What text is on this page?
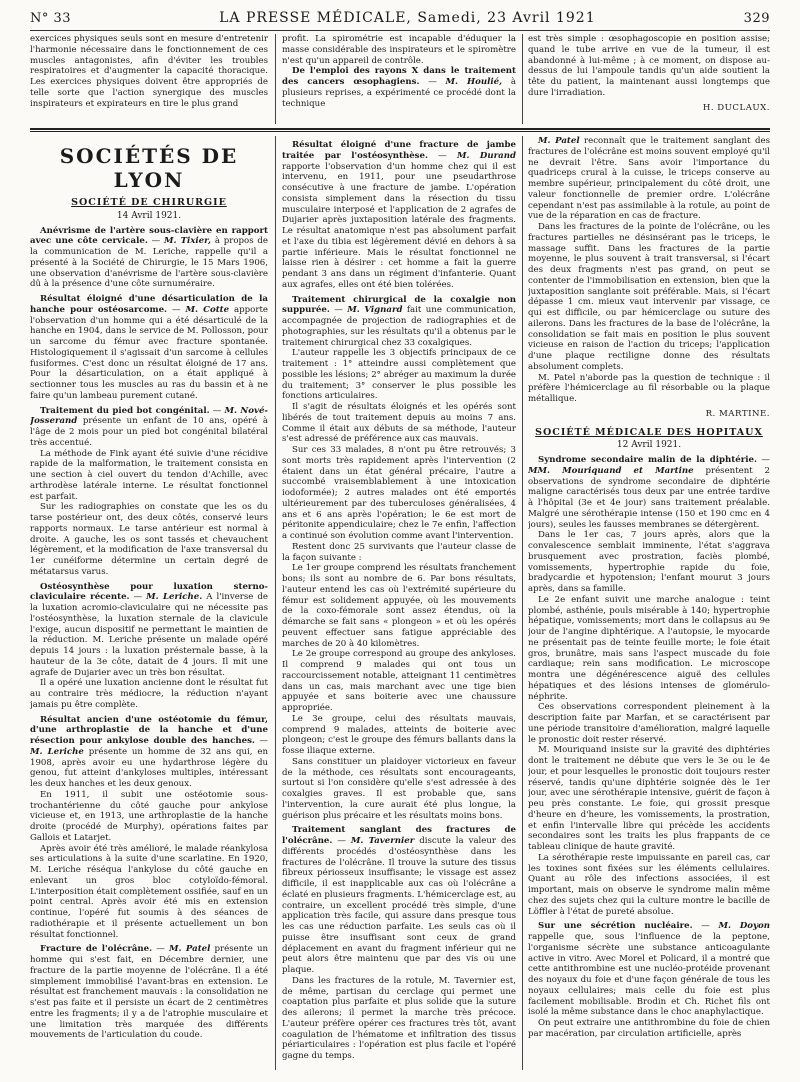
N° 33	LA PRESSE MÉDICALE, Samedi, 23 Avril 1921	329

exercices physiques seuls sont en mesure d'entretenir l'harmonie nécessaire dans le fonctionnement de ces muscles antagonistes, afin d'éviter les troubles respiratoires et d'augmenter la capacité thoracique. Les exercices physiques doivent être appropriés de telle sorte que l'action synergique des muscles inspirateurs et expirateurs en tire le plus grand

profit. La spirométrie est incapable d'éduquer la masse considérable des inspirateurs et le spiromètre n'est qu'un appareil de contrôle.

De l'emploi des rayons X dans le traitement des cancers œsophagiens. — M. Houlié, à plusieurs reprises, a expérimenté ce procédé dont la technique

est très simple : œsophagoscopie en position assise; quand le tube arrive en vue de la tumeur, il est abandonné à lui-même ; à ce moment, on dispose au-dessus de lui l'ampoule tandis qu'un aide soutient la tête du patient, la maintenant aussi longtemps que dure l'irradiation.

H. DUCLAUX.
SOCIÉTÉS DE LYON
SOCIÉTÉ DE CHIRURGIE
14 Avril 1921.

Anévrisme de l'artère sous-clavière en rapport avec une côte cervicale. — M. Tixier, à propos de la communication de M. Leriche, rappelle qu'il a présenté à la Société de Chirurgie, le 15 Mars 1906, une observation d'anévrisme de l'artère sous-clavière dû à la présence d'une côte surnuméraire.

Résultat éloigné d'une désarticulation de la hanche pour ostéosarcome. — M. Cotte apporte l'observation d'un homme qui a été désarticulé de la hanche en 1904, dans le service de M. Pollosson, pour un sarcome du fémur avec fracture spontanée. Histologiquement il s'agissait d'un sarcome à cellules fusiformes. C'est donc un résultat éloigné de 17 ans. Pour la désarticulation, on a était appliqué à sectionner tous les muscles au ras du bassin et à ne faire qu'un lambeau purement cutané.

Traitement du pied bot congénital. — M. Nové-Josserand présente un enfant de 10 ans, opéré à l'âge de 2 mois pour un pied bot congénital bilatéral très accentué.

La méthode de Fink ayant été suivie d'une récidive rapide de la malformation, le traitement consista en une section à ciel ouvert du tendon d'Achille, avec arthrodèse latérale interne. Le résultat fonctionnel est parfait.

Sur les radiographies on constate que les os du tarse postérieur ont, des deux côtés, conservé leurs rapports normaux. Le tarse antérieur est normal à droite. A gauche, les os sont tassés et chevauchent légèrement, et la modification de l'axe transversal du 1er cunéiforme détermine un certain degré de métatarsus varus.

Ostéosynthèse pour luxation sterno-claviculaire récente. — M. Leriche. A l'inverse de la luxation acromio-claviculaire qui ne nécessite pas l'ostéosynthèse, la luxation sternale de la clavicule l'exige, aucun dispositif ne permettant le maintien de la réduction. M. Leriche présente un malade opéré depuis 14 jours : la luxation présternale basse, à la hauteur de la 3e côte, datait de 4 jours. Il mit une agrafe de Dujarier avec un très bon résultat.

Il a opéré une luxation ancienne dont le résultat fut au contraire très médiocre, la réduction n'ayant jamais pu être complète.

Résultat ancien d'une ostéotomie du fémur, d'une arthroplastie de la hanche et d'une résection pour ankylose double des hanches. — M. Leriche présente un homme de 32 ans qui, en 1908, après avoir eu une hydarthrose légère du genou, fut atteint d'ankyloses multiples, intéressant les deux hanches et les deux genoux.

En 1911, il subit une ostéotomie sous-trochantérienne du côté gauche pour ankylose vicieuse et, en 1913, une arthroplastie de la hanche droite (procédé de Murphy), opérations faites par Gallois et Latarjet.

Après avoir été très amélioré, le malade réankylosa ses articulations à la suite d'une scarlatine. En 1920, M. Leriche réséqua l'ankylose du côté gauche en enlevant un gros bloc cotyloïdo-fémoral. L'interposition était complètement ossifiée, sauf en un point central. Après avoir été mis en extension continue, l'opéré fut soumis à des séances de radiothérapie et il présente actuellement un bon résultat fonctionnel.

Fracture de l'olécrâne. — M. Patel présente un homme qui s'est fait, en Décembre dernier, une fracture de la partie moyenne de l'olécrâne. Il a été simplement immobilisé l'avant-bras en extension. Le résultat est franchement mauvais : la consolidation ne s'est pas faite et il persiste un écart de 2 centimètres entre les fragments; il y a de l'atrophie musculaire et une limitation très marquée des différents mouvements de l'articulation du coude.

Résultat éloigné d'une fracture de jambe traitée par l'ostéosynthèse. — M. Durand rapporte l'observation d'un homme chez qui il est intervenu, en 1911, pour une pseudarthrose consécutive à une fracture de jambe. L'opération consista simplement dans la résection du tissu musculaire interposé et l'application de 2 agrafes de Dujarier après juxtaposition latérale des fragments. Le résultat anatomique n'est pas absolument parfait et l'axe du tibia est légèrement dévié en dehors à sa partie inférieure. Mais le résultat fonctionnel ne laisse rien à désirer : cet homme a fait la guerre pendant 3 ans dans un régiment d'infanterie. Quant aux agrafes, elles ont été bien tolérées.

Traitement chirurgical de la coxalgie non suppurée. — M. Vignard fait une communication, accompagnée de projection de radiographies et de photographies, sur les résultats qu'il a obtenus par le traitement chirurgical chez 33 coxalgiques.

L'auteur rappelle les 3 objectifs principaux de ce traitement : 1° atteindre aussi complètement que possible les lésions; 2° abréger au maximum la durée du traitement; 3° conserver le plus possible les fonctions articulaires.

Il s'agit de résultats éloignés et les opérés sont libérés de tout traitement depuis au moins 7 ans. Comme il était aux débuts de sa méthode, l'auteur s'est adressé de préférence aux cas mauvais.

Sur ces 33 malades, 8 n'ont pu être retrouvés; 3 sont morts très rapidement après l'intervention (2 étaient dans un état général précaire, l'autre a succombé vraisemblablement à une intoxication iodoformée); 2 autres malades ont été emportés ultérieurement par des tuberculoses généralisées, 4 ans et 6 ans après l'opération; le 6e est mort de péritonite appendiculaire; chez le 7e enfin, l'affection a continué son évolution comme avant l'intervention.

Restent donc 25 survivants que l'auteur classe de la façon suivante :

Le 1er groupe comprend les résultats franchement bons; ils sont au nombre de 6. Par bons résultats, l'auteur entend les cas où l'extrémité supérieure du fémur est solidement appuyée, où les mouvements de la coxo-fémorale sont assez étendus, où la démarche se fait sans « plongeon » et où les opérés peuvent effectuer sans fatigue appréciable des marches de 20 à 40 kilomètres.

Le 2e groupe correspond au groupe des ankyloses. Il comprend 9 malades qui ont tous un raccourcissement notable, atteignant 11 centimètres dans un cas, mais marchant avec une tige bien appuyée et sans boiterie avec une chaussure appropriée.

Le 3e groupe, celui des résultats mauvais, comprend 9 malades, atteints de boiterie avec plongeon; c'est le groupe des fémurs ballants dans la fosse iliaque externe.

Sans constituer un plaidoyer victorieux en faveur de la méthode, ces résultats sont encourageants, surtout si l'on considère qu'elle s'est adressée à des coxalgies graves. Il est probable que, sans l'intervention, la cure aurait été plus longue, la guérison plus précaire et les résultats moins bons.

Traitement sanglant des fractures de l'olécrâne. — M. Tavernier discute la valeur des différents procédés d'ostéosynthèse dans les fractures de l'olécrâne. Il trouve la suture des tissus fibreux périosseux insuffisante; le vissage est assez difficile, il est inapplicable aux cas où l'olécrâne a éclaté en plusieurs fragments. L'hémicerclage est, au contraire, un excellent procédé très simple, d'une application très facile, qui assure dans presque tous les cas une réduction parfaite. Les seuls cas où il puisse être insuffisant sont ceux de grand déplacement en avant du fragment inférieur qui ne peut alors être maintenu que par des vis ou une plaque.

Dans les fractures de la rotule, M. Tavernier est, de même, partisan du cerclage qui permet une coaptation plus parfaite et plus solide que la suture des ailerons; il permet la marche très précoce. L'auteur préfère opérer ces fractures très tôt, avant coagulation de l'hématome et infiltration des tissus périarticulaires : l'opération est plus facile et l'opéré gagne du temps.

M. Patel reconnaît que le traitement sanglant des fractures de l'olécrâne est moins souvent employé qu'il ne devrait l'être. Sans avoir l'importance du quadriceps crural à la cuisse, le triceps conserve au membre supérieur, principalement du côté droit, une valeur fonctionnelle de premier ordre. L'olécrâne cependant n'est pas assimilable à la rotule, au point de vue de la réparation en cas de fracture.

Dans les fractures de la pointe de l'olécrâne, ou les fractures partielles ne désinsérant pas le triceps, le massage suffit. Dans les fractures de la partie moyenne, le plus souvent à trait transversal, si l'écart des deux fragments n'est pas grand, on peut se contenter de l'immobilisation en extension, bien que la juxtaposition sanglante soit préférable. Mais, si l'écart dépasse 1 cm. mieux vaut intervenir par vissage, ce qui est difficile, ou par hémicerclage ou suture des ailerons. Dans les fractures de la base de l'olécrâne, la consolidation se fait mais en position le plus souvent vicieuse en raison de l'action du triceps; l'application d'une plaque rectiligne donne des résultats absolument complets.

M. Patel n'aborde pas la question de technique : il préfère l'hémicerclage au fil résorbable ou la plaque métallique.

R. MARTINE.
SOCIÉTÉ MÉDICALE DES HOPITAUX
12 Avril 1921.

Syndrome secondaire malin de la diphtérie. — MM. Mouriquand et Martine présentent 2 observations de syndrome secondaire de diphtérie maligne caractérisés tous deux par une entrée tardive à l'hôpital (3e et 4e jour) sans traitement préalable. Malgré une sérothérapie intense (150 et 190 cmc en 4 jours), seules les fausses membranes se détergèrent.

Dans le 1er cas, 7 jours après, alors que la convalescence semblait imminente, l'état s'aggrava brusquement avec prostration, faciès plombé, vomissements, hypertrophie rapide du foie, bradycardie et hypotension; l'enfant mourut 3 jours après, dans sa famille.

Le 2e enfant suivit une marche analogue : teint plombé, asthénie, pouls misérable à 140; hypertrophie hépatique, vomissements; mort dans le collapsus au 9e jour de l'angine diphtérique. A l'autopsie, le myocarde ne présentait pas de teinte feuille morte; le foie était gros, brunâtre, mais sans l'aspect muscade du foie cardiaque; rein sans modification. Le microscope montra une dégénérescence aiguë des cellules hépatiques et des lésions intenses de glomérulo-néphrite.

Ces observations correspondent pleinement à la description faite par Marfan, et se caractérisent par une période transitoire d'amélioration, malgré laquelle le pronostic doit rester réservé.

M. Mouriquand insiste sur la gravité des diphtéries dont le traitement ne débute que vers le 3e ou le 4e jour, et pour lesquelles le pronostic doit toujours rester réservé, tandis qu'une diphtérie soignée dès le 1er jour, avec une sérothérapie intensive, guérit de façon à peu près constante. Le foie, qui grossit presque d'heure en d'heure, les vomissements, la prostration, et enfin l'intervalle libre qui précède les accidents secondaires sont les traits les plus frappants de ce tableau clinique de haute gravité.

La sérothérapie reste impuissante en pareil cas, car les toxines sont fixées sur les éléments cellulaires. Quant au rôle des infections associées, il est important, mais on observe le syndrome malin même chez des sujets chez qui la culture montre le bacille de Löffler à l'état de pureté absolue.

Sur une sécrétion nucléaire. — M. Doyon rappelle que, sous l'influence de la peptone, l'organisme sécrète une substance anticoagulante active in vitro. Avec Morel et Policard, il a montré que cette antithrombine est une nucléo-protéide provenant des noyaux du foie et d'une façon générale de tous les noyaux cellulaires; mais celle du foie est plus facilement mobilisable. Brodin et Ch. Richet fils ont isolé la même substance dans le choc anaphylactique.

On peut extraire une antithrombine du foie de chien par macération, par circulation artificielle, après
